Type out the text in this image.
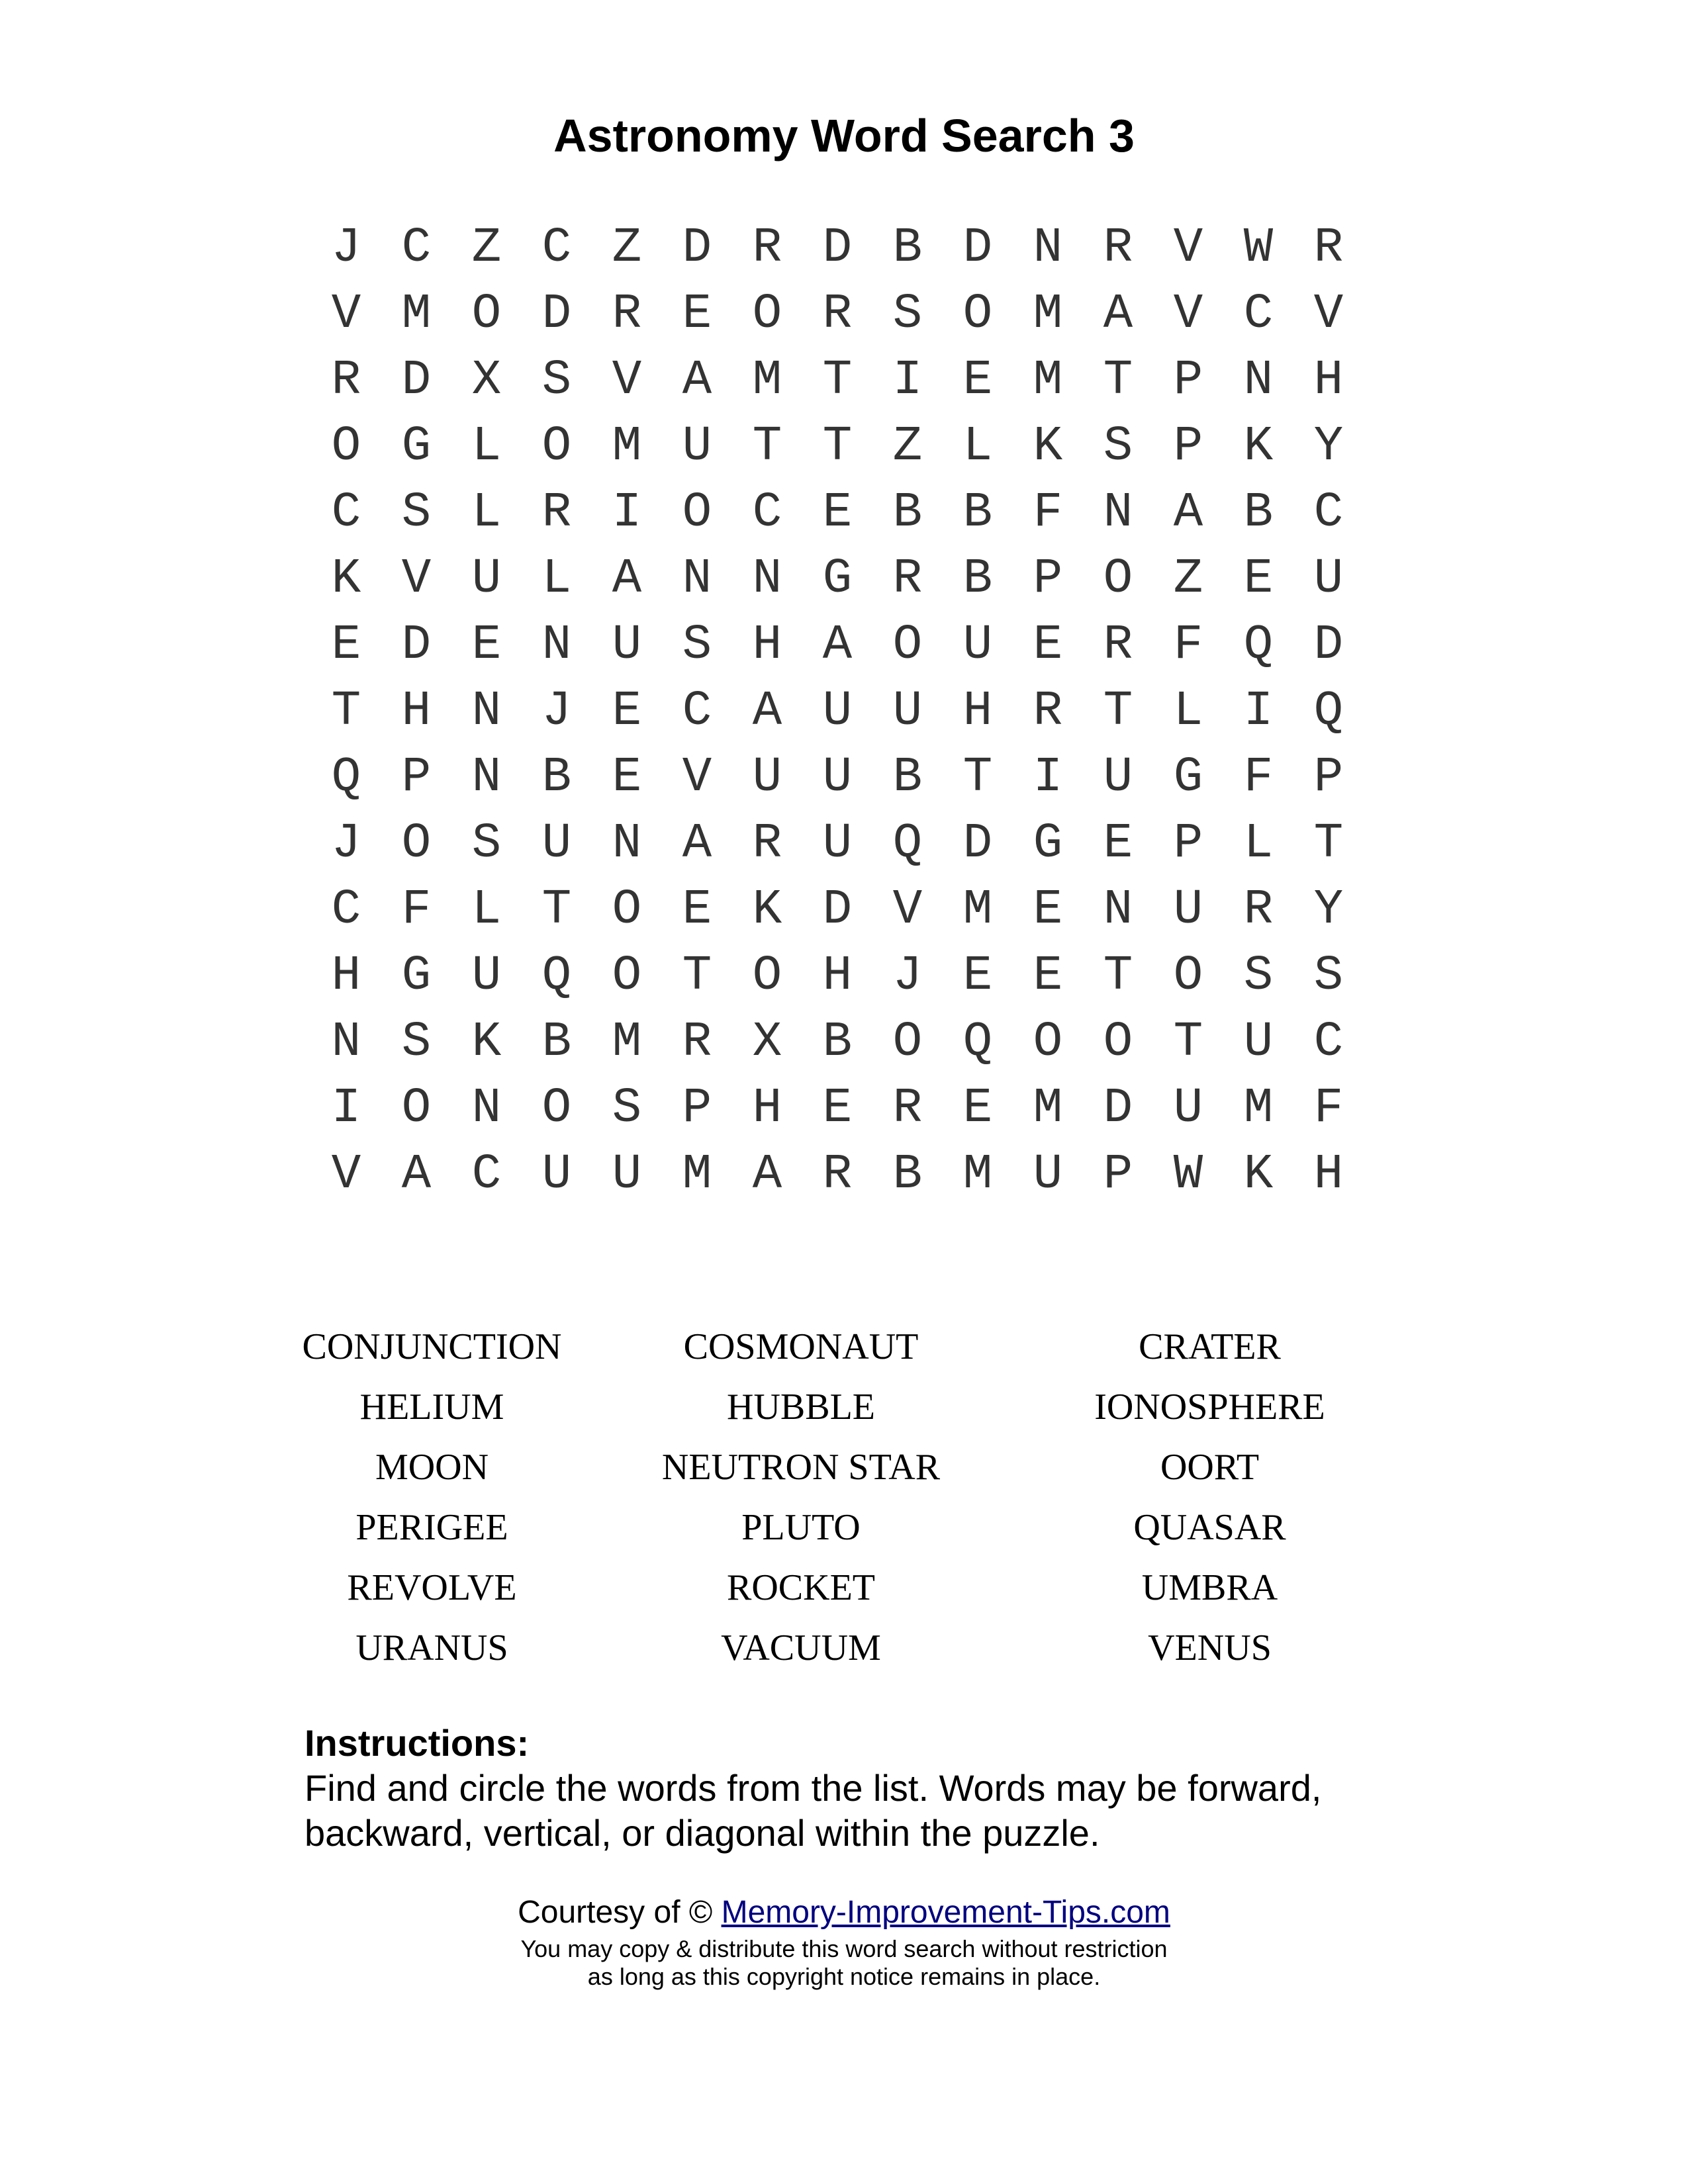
Astronomy Word Search 3
J C Z C Z D R D B D N R V W R
V M O D R E O R S O M A V C V
R D X S V A M T I E M T P N H
O G L O M U T T Z L K S P K Y
C S L R I O C E B B F N A B C
K V U L A N N G R B P O Z E U
E D E N U S H A O U E R F Q D
T H N J E C A U U H R T L I Q
Q P N B E V U U B T I U G F P
J O S U N A R U Q D G E P L T
C F L T O E K D V M E N U R Y
H G U Q O T O H J E E T O S S
N S K B M R X B O Q O O T U C
I O N O S P H E R E M D U M F
V A C U U M A R B M U P W K H
CONJUNCTION	COSMONAUT	CRATER
HELIUM	HUBBLE	IONOSPHERE
MOON	NEUTRON STAR	OORT
PERIGEE	PLUTO	QUASAR
REVOLVE	ROCKET	UMBRA
URANUS	VACUUM	VENUS
Instructions:
Find and circle the words from the list. Words may be forward,
backward, vertical, or diagonal within the puzzle.
Courtesy of © Memory-Improvement-Tips.com
You may copy & distribute this word search without restriction
as long as this copyright notice remains in place.
